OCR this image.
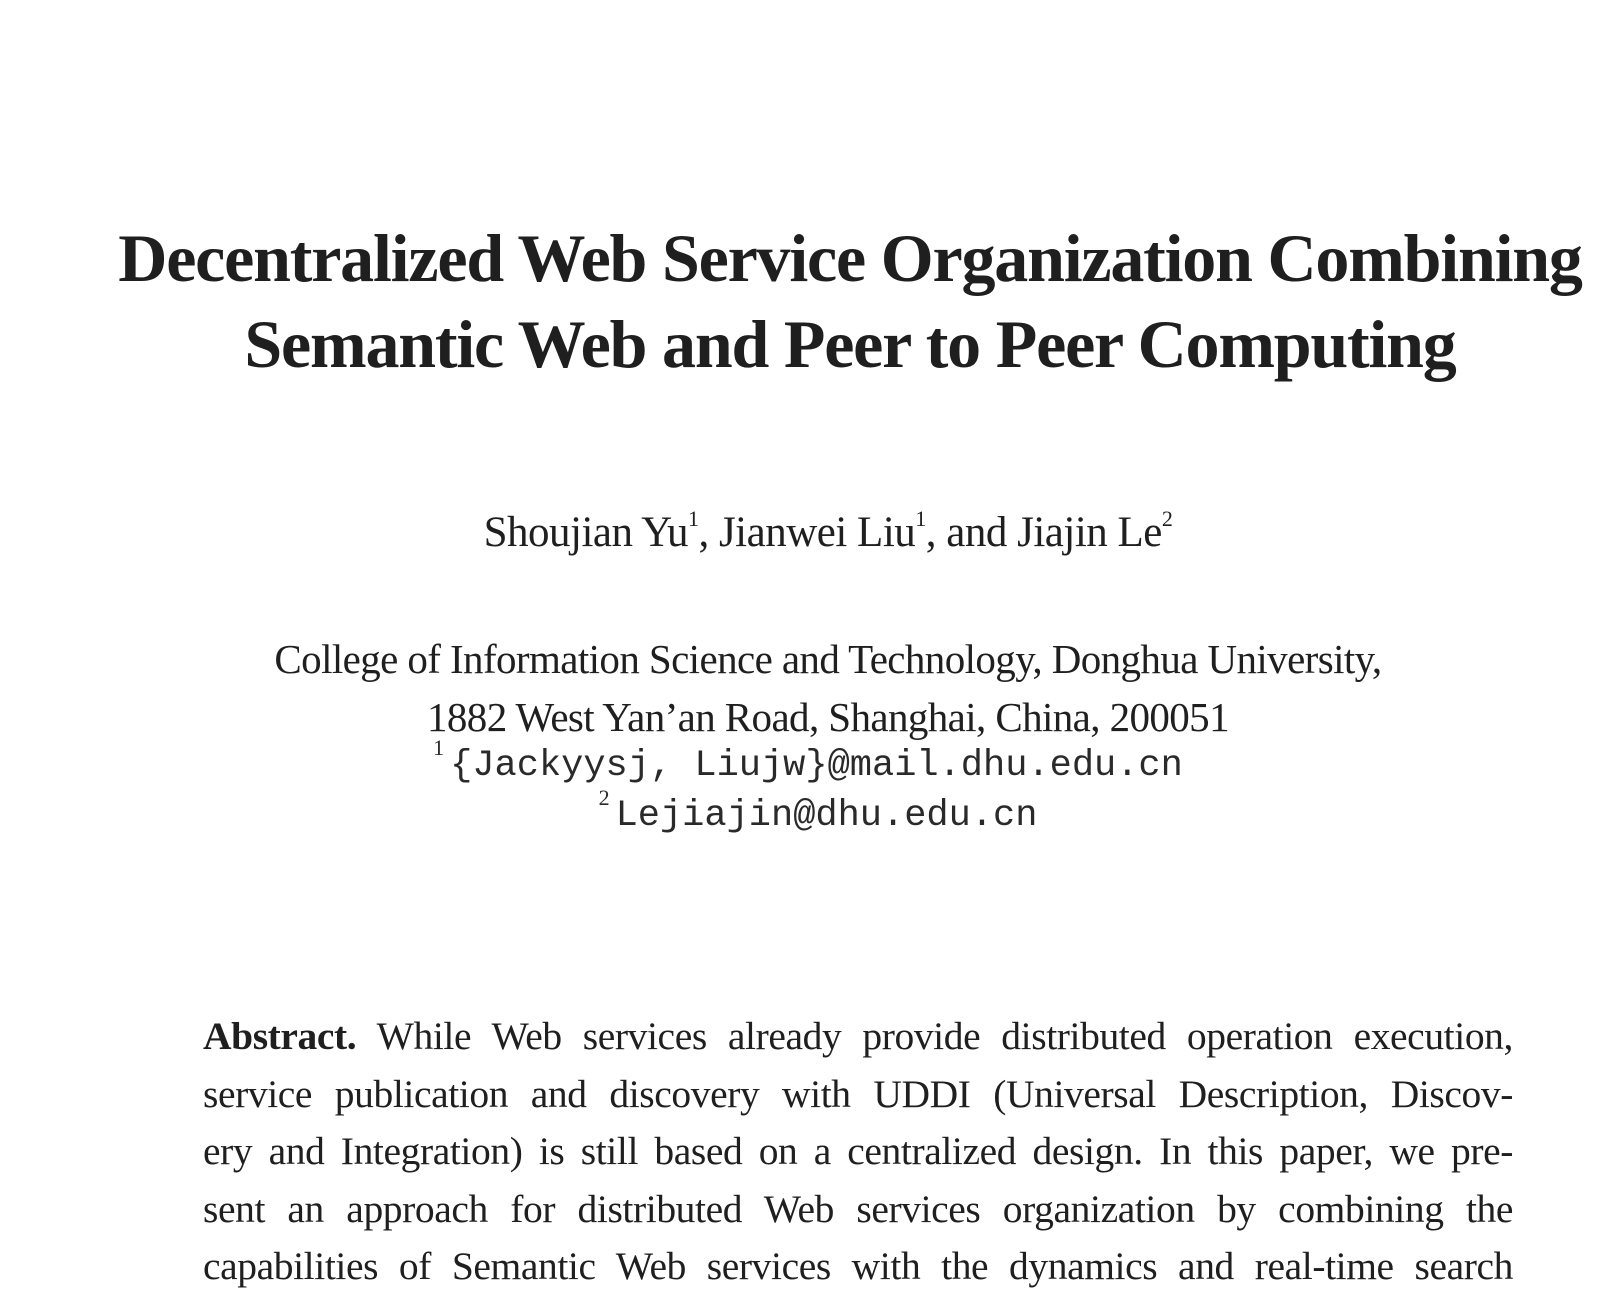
Decentralized Web Service Organization Combining
Semantic Web and Peer to Peer Computing
Shoujian Yu$^1$, Jianwei Liu$^1$, and Jiajin Le$^2$
College of Information Science and Technology, Donghua University,
1882 West Yan’an Road, Shanghai, China, 200051
$^1$ {Jackyysj, Liujw}@mail.dhu.edu.cn
$^2$ Lejiajin@dhu.edu.cn
Abstract. While Web services already provide distributed operation execution,
service publication and discovery with UDDI (Universal Description, Discov-
ery and Integration) is still based on a centralized design. In this paper, we pre-
sent an approach for distributed Web services organization by combining the
capabilities of Semantic Web services with the dynamics and real-time search
